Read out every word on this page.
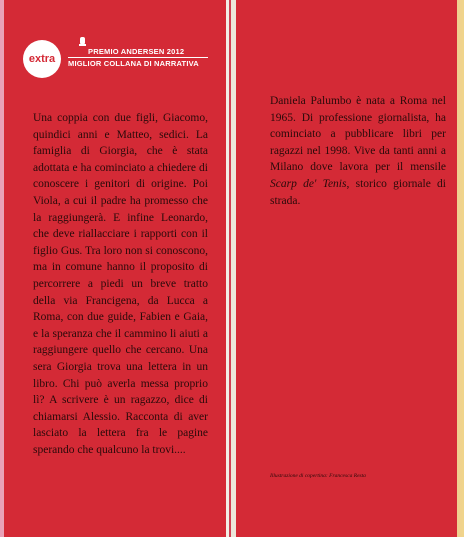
extra
PREMIO ANDERSEN 2012
MIGLIOR COLLANA DI NARRATIVA

Una coppia con due figli, Giacomo, quindici anni e Matteo, sedici. La famiglia di Giorgia, che è stata adottata e ha cominciato a chiedere di conoscere i genitori di origine. Poi Viola, a cui il padre ha promesso che la raggiungerà. E infine Leonardo, che deve riallacciare i rapporti con il figlio Gus. Tra loro non si conoscono, ma in comune hanno il proposito di percorrere a piedi un breve tratto della via Francigena, da Lucca a Roma, con due guide, Fabien e Gaia, e la speranza che il cammino li aiuti a raggiungere quello che cercano. Una sera Giorgia trova una lettera in un libro. Chi può averla messa proprio lì? A scrivere è un ragazzo, dice di chiamarsi Alessio. Racconta di aver lasciato la lettera fra le pagine sperando che qualcuno la trovi....

Daniela Palumbo è nata a Roma nel 1965. Di professione giornalista, ha cominciato a pubblicare libri per ragazzi nel 1998. Vive da tanti anni a Milano dove lavora per il mensile Scarp de' Tenis, storico giornale di strada.

Illustrazione di copertina: Francesca Resta
